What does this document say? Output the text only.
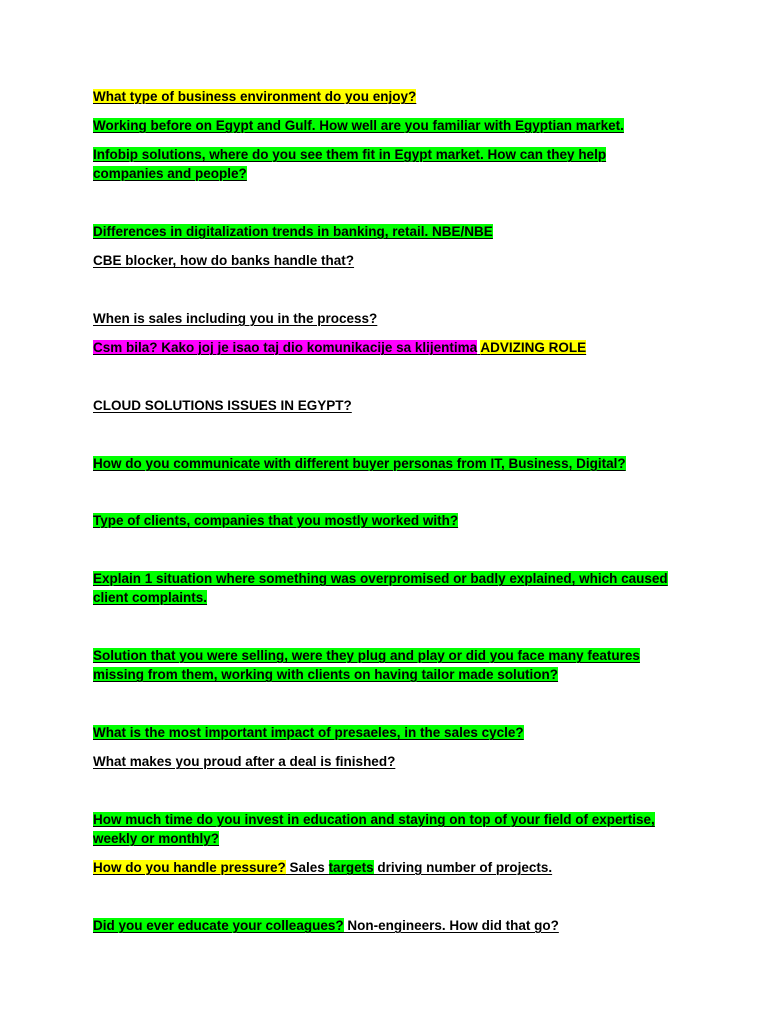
What type of business environment do you enjoy?
Working before on Egypt and Gulf. How well are you familiar with Egyptian market.
Infobip solutions, where do you see them fit in Egypt market. How can they help
companies and people?
Differences in digitalization trends in banking, retail. NBE/NBE
CBE blocker, how do banks handle that?
When is sales including you in the process?
Csm bila? Kako joj je isao taj dio komunikacije sa klijentima ADVIZING ROLE
CLOUD SOLUTIONS ISSUES IN EGYPT?
How do you communicate with different buyer personas from IT, Business, Digital?
Type of clients, companies that you mostly worked with?
Explain 1 situation where something was overpromised or badly explained, which caused
client complaints.
Solution that you were selling, were they plug and play or did you face many features
missing from them, working with clients on having tailor made solution?
What is the most important impact of presaeles, in the sales cycle?
What makes you proud after a deal is finished?
How much time do you invest in education and staying on top of your field of expertise,
weekly or monthly?
How do you handle pressure? Sales targets driving number of projects.
Did you ever educate your colleagues? Non-engineers. How did that go?
